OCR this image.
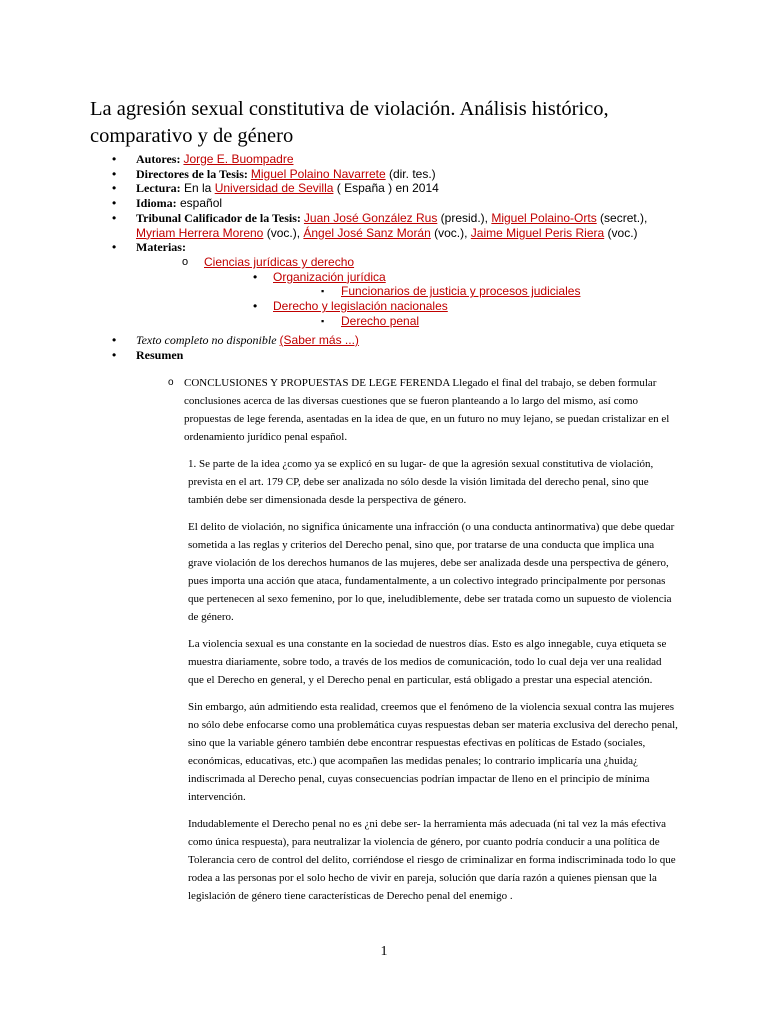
La agresión sexual constitutiva de violación. Análisis histórico, comparativo y de género
• Autores: Jorge E. Buompadre
• Directores de la Tesis: Miguel Polaino Navarrete (dir. tes.)
• Lectura: En la Universidad de Sevilla ( España ) en 2014
• Idioma: español
• Tribunal Calificador de la Tesis: Juan José González Rus (presid.), Miguel Polaino-Orts (secret.), Myriam Herrera Moreno (voc.), Ángel José Sanz Morán (voc.), Jaime Miguel Peris Riera (voc.)
• Materias:
o Ciencias jurídicas y derecho
• Organización jurídica
▪ Funcionarios de justicia y procesos judiciales
• Derecho y legislación nacionales
▪ Derecho penal
• Texto completo no disponible (Saber más ...)
• Resumen
o CONCLUSIONES Y PROPUESTAS DE LEGE FERENDA Llegado el final del trabajo, se deben formular conclusiones acerca de las diversas cuestiones que se fueron planteando a lo largo del mismo, así como propuestas de lege ferenda, asentadas en la idea de que, en un futuro no muy lejano, se puedan cristalizar en el ordenamiento jurídico penal español.

1. Se parte de la idea ¿como ya se explicó en su lugar- de que la agresión sexual constitutiva de violación, prevista en el art. 179 CP, debe ser analizada no sólo desde la visión limitada del derecho penal, sino que también debe ser dimensionada desde la perspectiva de género.

El delito de violación, no significa únicamente una infracción (o una conducta antinormativa) que debe quedar sometida a las reglas y criterios del Derecho penal, sino que, por tratarse de una conducta que implica una grave violación de los derechos humanos de las mujeres, debe ser analizada desde una perspectiva de género, pues importa una acción que ataca, fundamentalmente, a un colectivo integrado principalmente por personas que pertenecen al sexo femenino, por lo que, ineludiblemente, debe ser tratada como un supuesto de violencia de género.

La violencia sexual es una constante en la sociedad de nuestros días. Esto es algo innegable, cuya etiqueta se muestra diariamente, sobre todo, a través de los medios de comunicación, todo lo cual deja ver una realidad que el Derecho en general, y el Derecho penal en particular, está obligado a prestar una especial atención.

Sin embargo, aún admitiendo esta realidad, creemos que el fenómeno de la violencia sexual contra las mujeres no sólo debe enfocarse como una problemática cuyas respuestas deban ser materia exclusiva del derecho penal, sino que la variable género también debe encontrar respuestas efectivas en políticas de Estado (sociales, económicas, educativas, etc.) que acompañen las medidas penales; lo contrario implicaría una ¿huida¿ indiscrimada al Derecho penal, cuyas consecuencias podrían impactar de lleno en el principio de mínima intervención.

Indudablemente el Derecho penal no es ¿ni debe ser- la herramienta más adecuada (ni tal vez la más efectiva como única respuesta), para neutralizar la violencia de género, por cuanto podría conducir a una política de Tolerancia cero de control del delito, corriéndose el riesgo de criminalizar en forma indiscriminada todo lo que rodea a las personas por el solo hecho de vivir en pareja, solución que daría razón a quienes piensan que la legislación de género tiene características de Derecho penal del enemigo .

1
